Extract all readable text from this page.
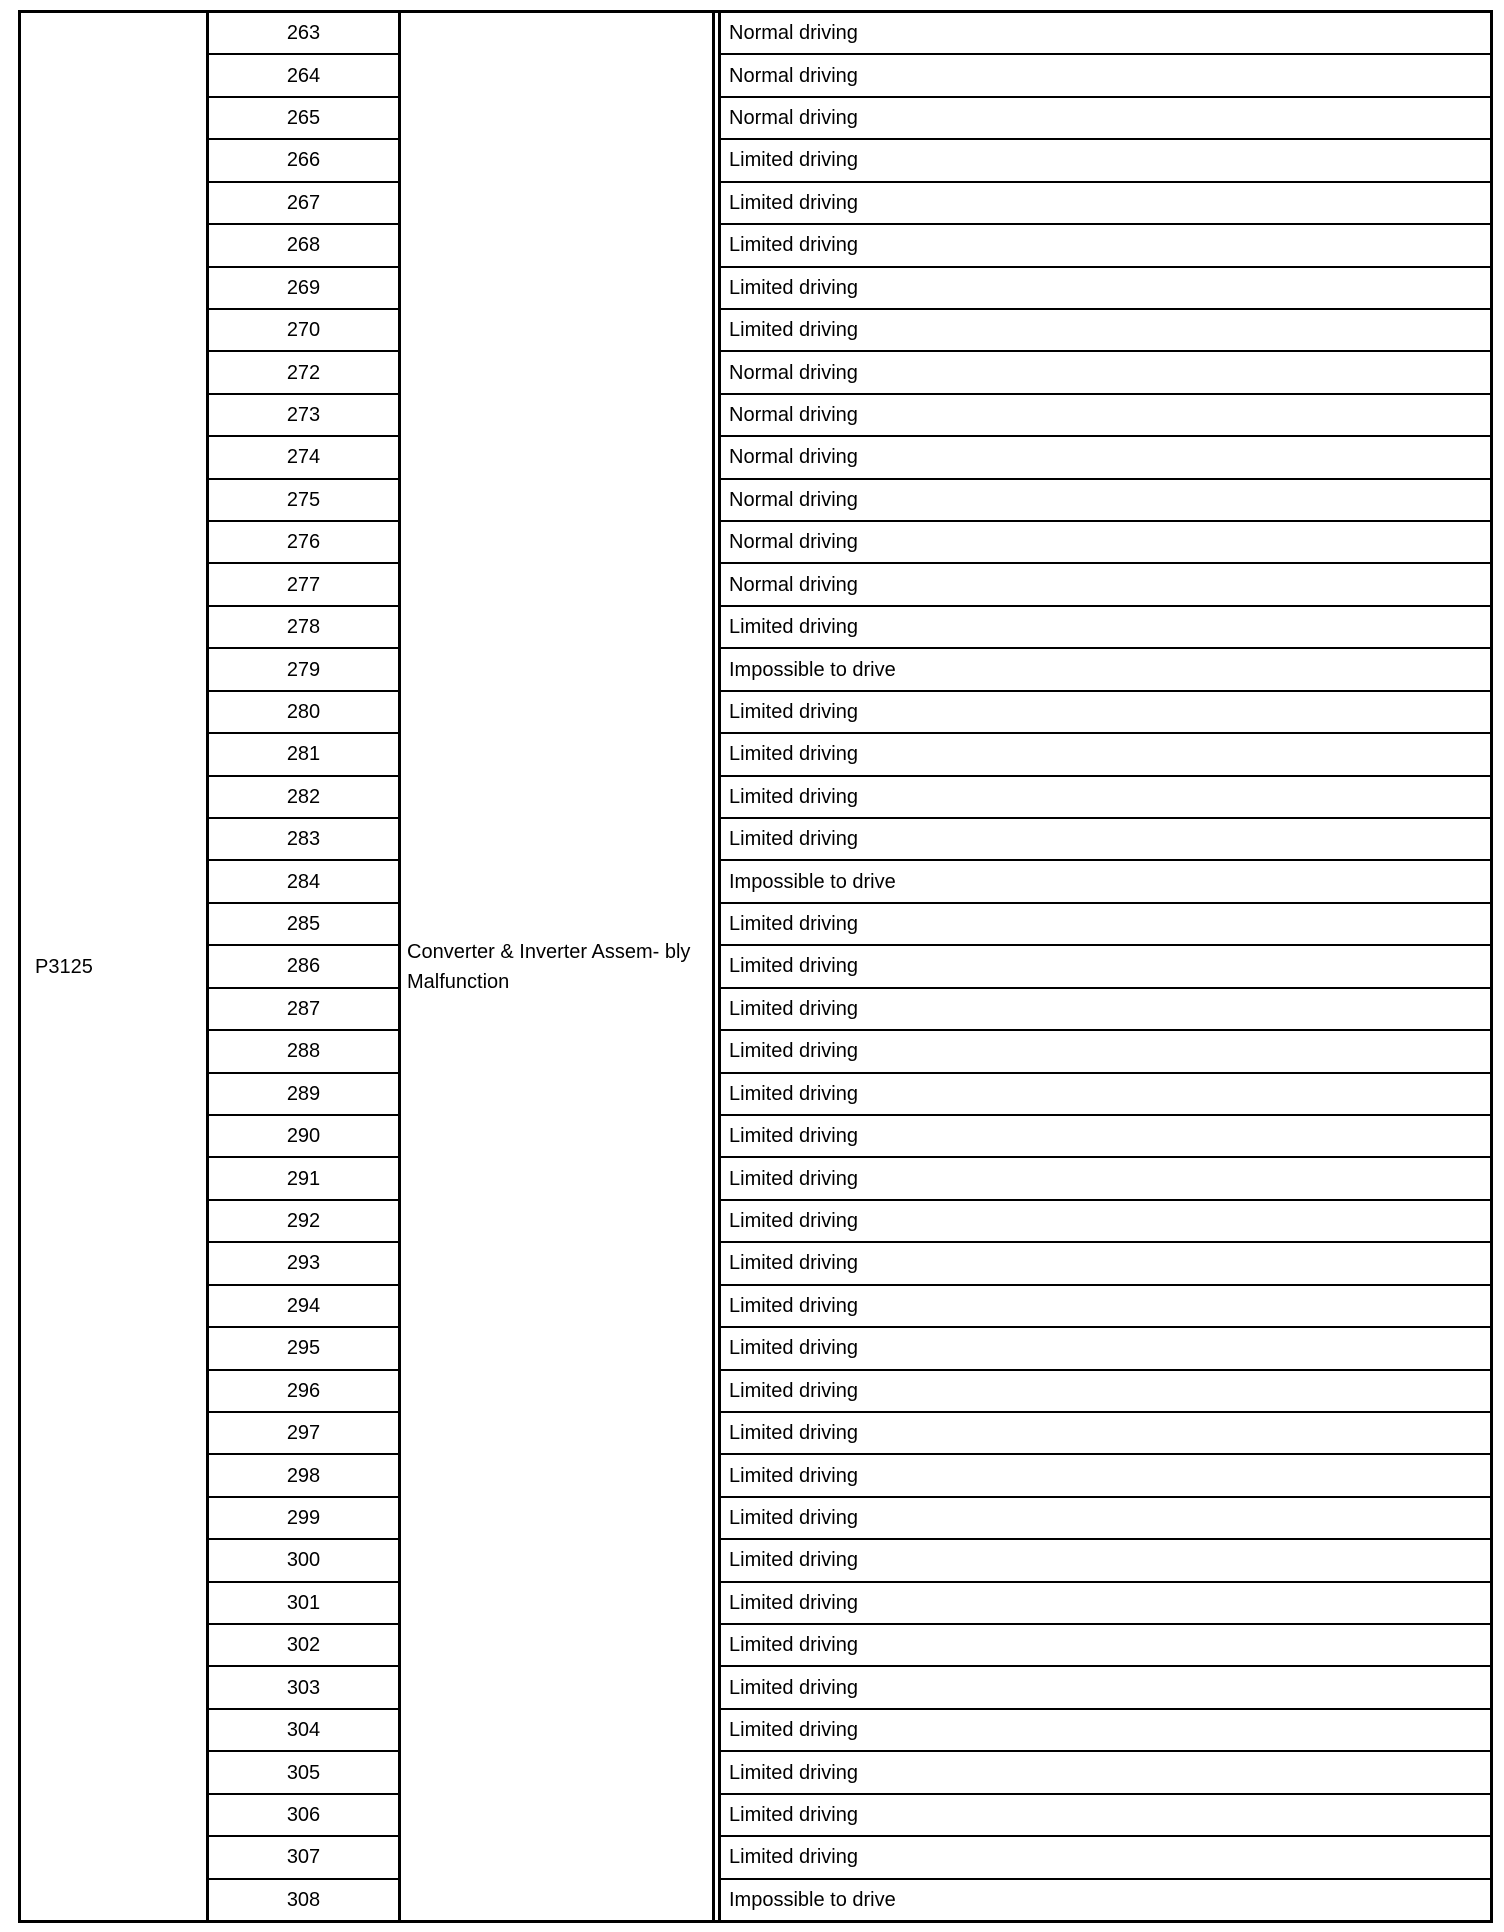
P3125	263	Converter & Inverter Assem- bly Malfunction		Normal driving
	264			Normal driving
	265			Normal driving
	266			Limited driving
	267			Limited driving
	268			Limited driving
	269			Limited driving
	270			Limited driving
	272			Normal driving
	273			Normal driving
	274			Normal driving
	275			Normal driving
	276			Normal driving
	277			Normal driving
	278			Limited driving
	279			Impossible to drive
	280			Limited driving
	281			Limited driving
	282			Limited driving
	283			Limited driving
	284			Impossible to drive
	285			Limited driving
	286			Limited driving
	287			Limited driving
	288			Limited driving
	289			Limited driving
	290			Limited driving
	291			Limited driving
	292			Limited driving
	293			Limited driving
	294			Limited driving
	295			Limited driving
	296			Limited driving
	297			Limited driving
	298			Limited driving
	299			Limited driving
	300			Limited driving
	301			Limited driving
	302			Limited driving
	303			Limited driving
	304			Limited driving
	305			Limited driving
	306			Limited driving
	307			Limited driving
	308			Impossible to drive
